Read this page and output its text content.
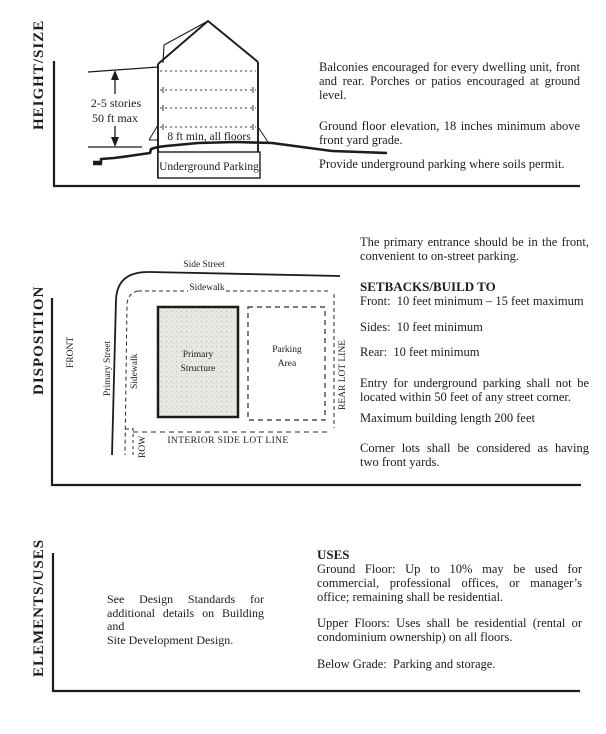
HEIGHT/SIZE
Underground Parking
8 ft min, all floors
2-5 stories
50 ft max
DISPOSITION
Side Street
Sidewalk
REAR LOT LINE
FRONT	Primary Street Sidewalk
ROW
Primary
Structure
Parking
Area
INTERIOR SIDE LOT LINE
ELEMENTS/USES
Balconies encouraged for every dwelling unit, front
and rear. Porches or patios encouraged at ground
level.
Ground floor elevation, 18 inches minimum above
front yard grade.
Provide underground parking where soils permit.
The primary entrance should be in the front,
convenient to on-street parking.
SETBACKS/BUILD TO
Front:  10 feet minimum – 15 feet maximum
Sides:  10 feet minimum
Rear:  10 feet minimum
Entry for underground parking shall not be
located within 50 feet of any street corner.
Maximum building length 200 feet
Corner lots shall be considered as having
two front yards.
See Design Standards for
additional details on Building and
Site Development Design.
USES
Ground Floor: Up to 10% may be used for
commercial, professional offices, or manager’s
office; remaining shall be residential.
Upper Floors: Uses shall be residential (rental or
condominium ownership) on all floors.
Below Grade:  Parking and storage.
